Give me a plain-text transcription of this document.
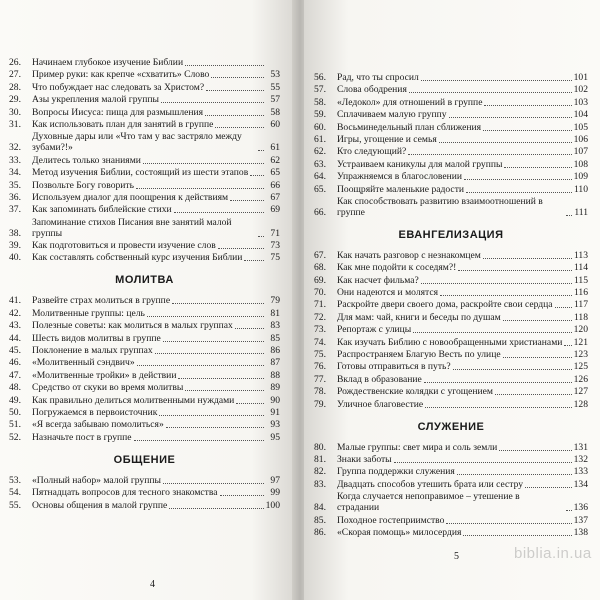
26.	Начинаем глубокое изучение Библии
27.	Пример руки: как крепче «схватить» Слово	53
28.	Что побуждает нас следовать за Христом?	55
29.	Азы укрепления малой группы	57
30.	Вопросы Иисуса: пища для размышления	58
31.	Как использовать план для занятий в группе	60
32.
Духовные дары или «Что там у вас застряло между зубами?!»	61
33.	Делитесь только знаниями	62
34.	Метод изучения Библии, состоящий из шести этапов	65
35.	Позвольте Богу говорить	66
36.	Используем диалог для поощрения к действиям	67
37.	Как запоминать библейские стихи	69
38.
Запоминание стихов Писания вне занятий малой группы	71
39.	Как подготовиться и провести изучение слов	73
40.	Как составлять собственный курс изучения Библии	75
МОЛИТВА
41.	Развейте страх молиться в группе	79
42.	Молитвенные группы: цель	81
43.	Полезные советы: как молиться в малых группах	83
44.	Шесть видов молитвы в группе	85
45.	Поклонение в малых группах	86
46.	«Молитвенный сэндвич»	87
47.	«Молитвенные тройки» в действии	88
48.	Средство от скуки во время молитвы	89
49.	Как правильно делиться молитвенными нуждами	90
50.	Погружаемся в первоисточник	91
51.	«Я всегда забываю помолиться»	93
52.	Назначьте пост в группе	95
ОБЩЕНИЕ
53.	«Полный набор» малой группы	97
54.	Пятнадцать вопросов для тесного знакомства	99
55.	Основы общения в малой группе	100
4
56.	Рад, что ты спросил	101
57.	Слова ободрения	102
58.	«Ледокол» для отношений в группе	103
59.	Сплачиваем малую группу	104
60.	Восьминедельный план сближения	105
61.	Игры, угощение и семья	106
62.	Кто следующий?	107
63.	Устраиваем каникулы для малой группы	108
64.	Упражняемся в благословении	109
65.	Поощряйте маленькие радости	110
66.
Как способствовать развитию взаимоотношений в группе	111
ЕВАНГЕЛИЗАЦИЯ
67.	Как начать разговор с незнакомцем	113
68.	Как мне подойти к соседям?!	114
69.	Как насчет фильма?	115
70.	Они надеются и молятся	116
71.	Раскройте двери своего дома, раскройте свои сердца 117
72.	Для мам: чай, книги и беседы по душам	118
73.	Репортаж с улицы	120
74.	Как изучать Библию с новообращенными христианами 121
75.	Распространяем Благую Весть по улице	123
76.	Готовы отправиться в путь?	125
77.	Вклад в образование	126
78.	Рождественские колядки с угощением	127
79.	Уличное благовестие	128
СЛУЖЕНИЕ
80.	Малые группы: свет мира и соль земли	131
81.	Знаки заботы	132
82.	Группа поддержки служения	133
83.	Двадцать способов утешить брата или сестру	134
84.
Когда случается непоправимое – утешение в страдании	136
85.	Походное гостеприимство	137
86.	«Скорая помощь» милосердия	138
5	biblia.in.ua
